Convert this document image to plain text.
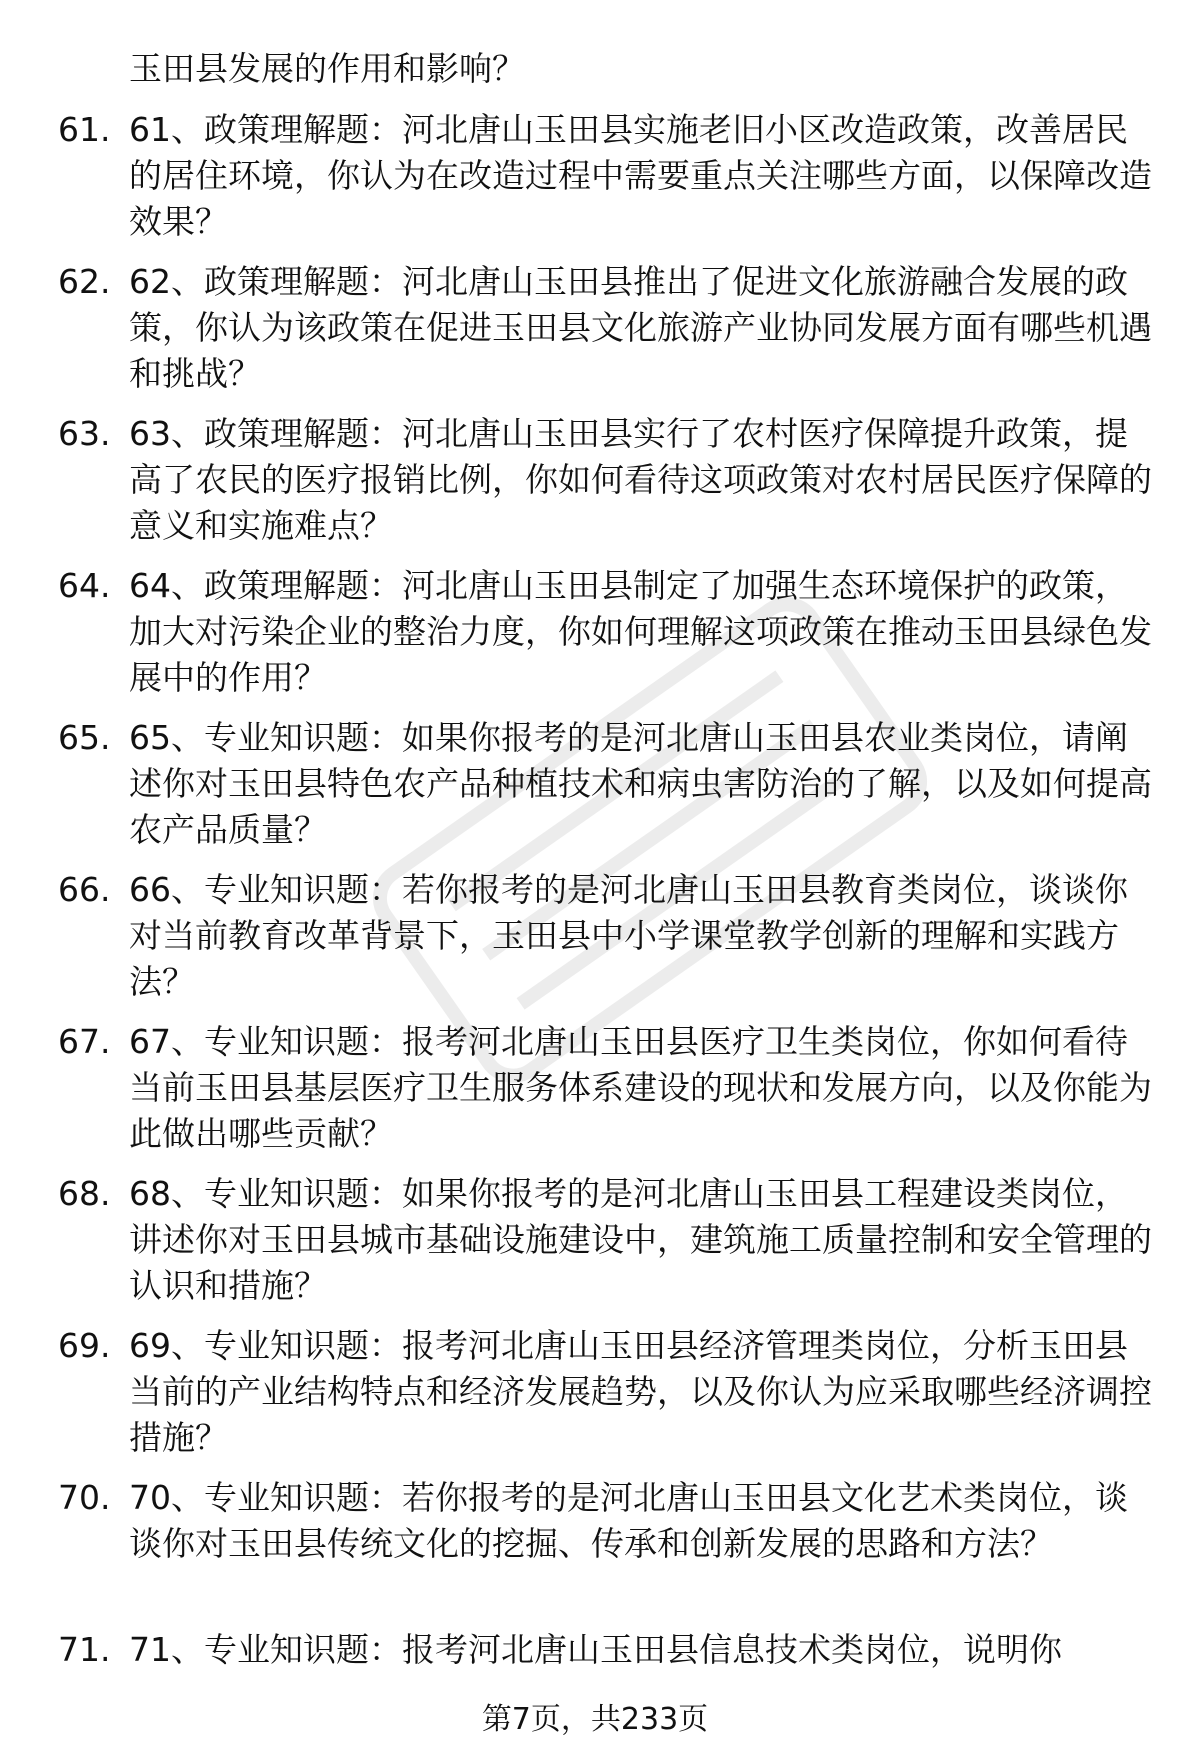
玉田县发展的作用和影响？
61. 61、政策理解题：河北唐山玉田县实施老旧小区改造政策，改善居民的居住环境，你认为在改造过程中需要重点关注哪些方面，以保障改造效果？
62. 62、政策理解题：河北唐山玉田县推出了促进文化旅游融合发展的政策，你认为该政策在促进玉田县文化旅游产业协同发展方面有哪些机遇和挑战？
63. 63、政策理解题：河北唐山玉田县实行了农村医疗保障提升政策，提高了农民的医疗报销比例，你如何看待这项政策对农村居民医疗保障的意义和实施难点？
64. 64、政策理解题：河北唐山玉田县制定了加强生态环境保护的政策，加大对污染企业的整治力度，你如何理解这项政策在推动玉田县绿色发展中的作用？
65. 65、专业知识题：如果你报考的是河北唐山玉田县农业类岗位，请阐述你对玉田县特色农产品种植技术和病虫害防治的了解，以及如何提高农产品质量？
66. 66、专业知识题：若你报考的是河北唐山玉田县教育类岗位，谈谈你对当前教育改革背景下，玉田县中小学课堂教学创新的理解和实践方法？
67. 67、专业知识题：报考河北唐山玉田县医疗卫生类岗位，你如何看待当前玉田县基层医疗卫生服务体系建设的现状和发展方向，以及你能为此做出哪些贡献？
68. 68、专业知识题：如果你报考的是河北唐山玉田县工程建设类岗位，讲述你对玉田县城市基础设施建设中，建筑施工质量控制和安全管理的认识和措施？
69. 69、专业知识题：报考河北唐山玉田县经济管理类岗位，分析玉田县当前的产业结构特点和经济发展趋势，以及你认为应采取哪些经济调控措施？
70. 70、专业知识题：若你报考的是河北唐山玉田县文化艺术类岗位，谈谈你对玉田县传统文化的挖掘、传承和创新发展的思路和方法？
71. 71、专业知识题：报考河北唐山玉田县信息技术类岗位，说明你
第7页，共233页
